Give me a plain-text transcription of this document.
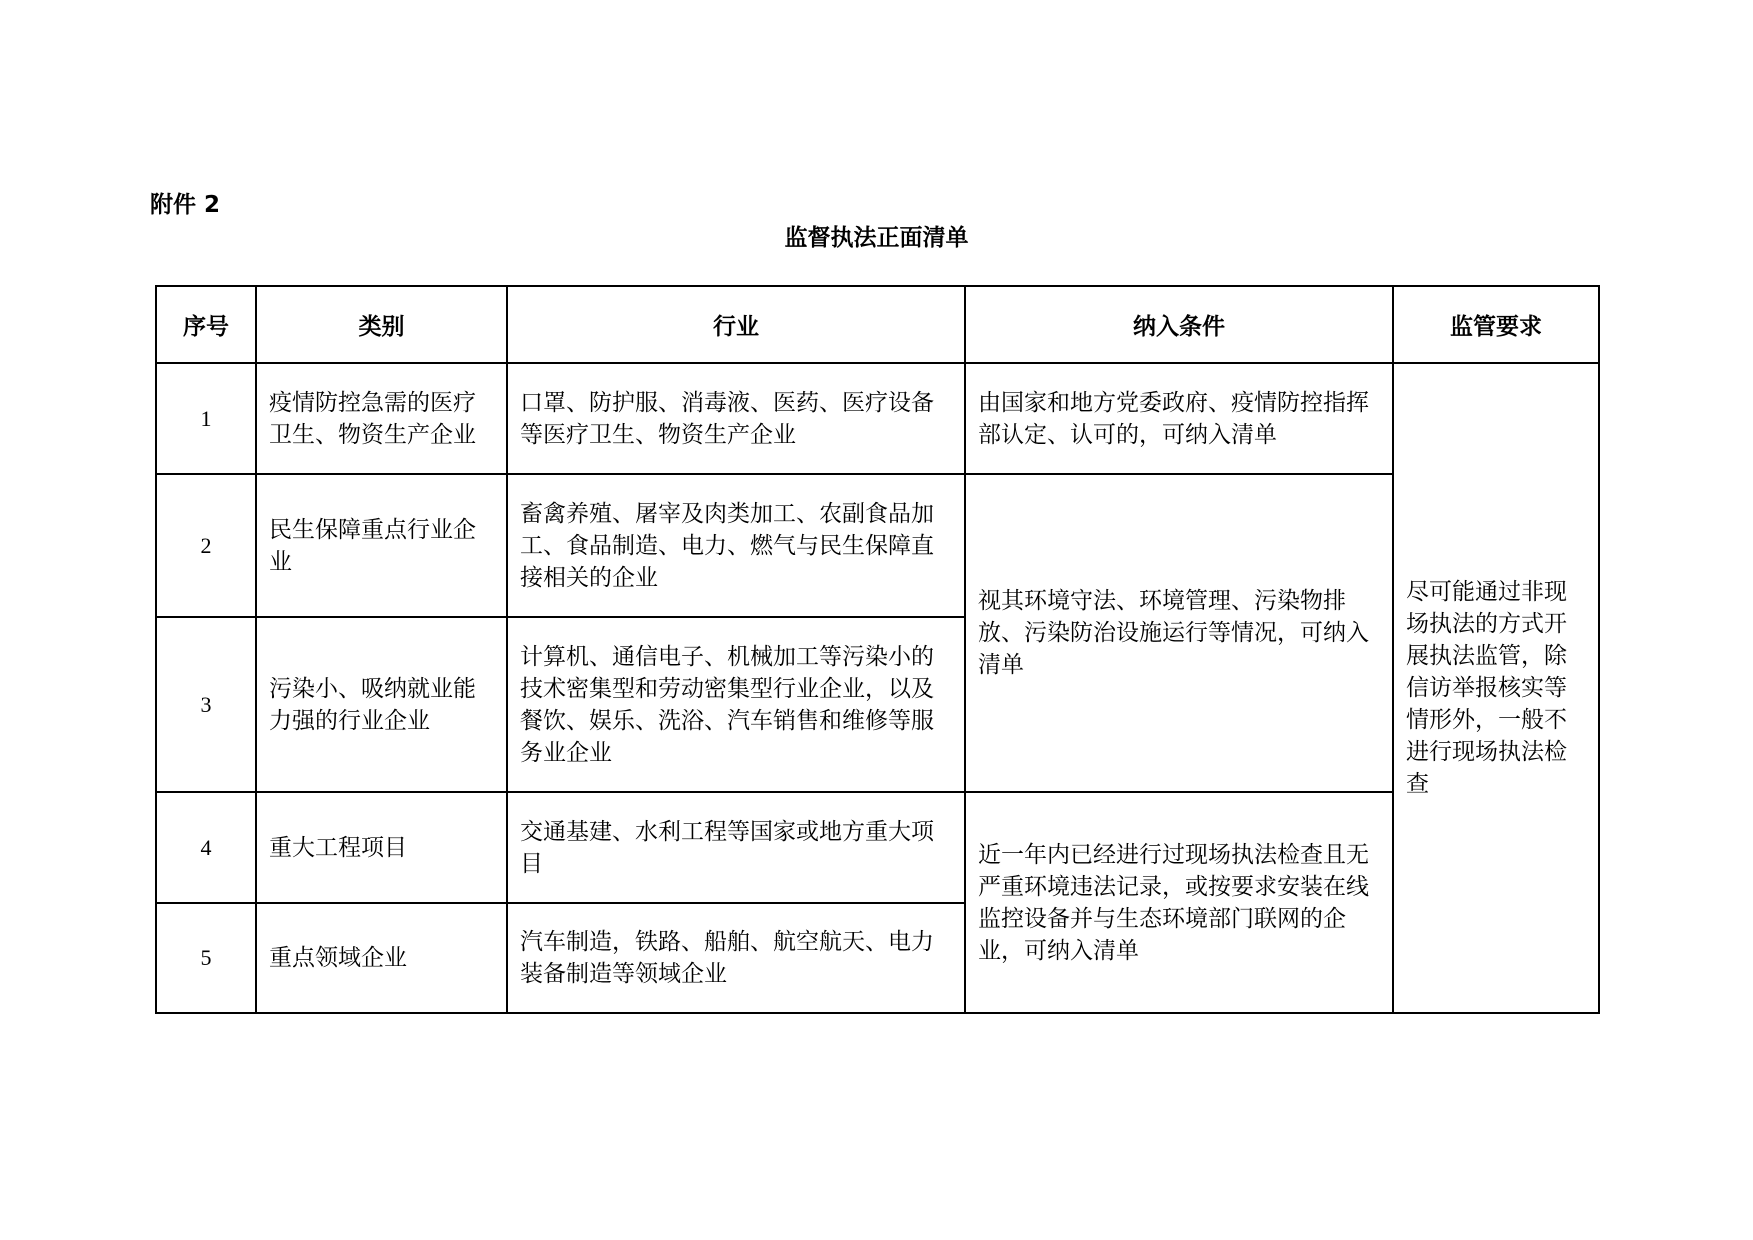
附件 2
监督执法正面清单
序号	类别	行业	纳入条件	监管要求
1	疫情防控急需的医疗卫生、物资生产企业	口罩、防护服、消毒液、医药、医疗设备等医疗卫生、物资生产企业	由国家和地方党委政府、疫情防控指挥部认定、认可的，可纳入清单	尽可能通过非现场执法的方式开展执法监管，除信访举报核实等情形外，一般不进行现场执法检查
2	民生保障重点行业企业	畜禽养殖、屠宰及肉类加工、农副食品加工、食品制造、电力、燃气与民生保障直接相关的企业	视其环境守法、环境管理、污染物排放、污染防治设施运行等情况，可纳入清单	
3	污染小、吸纳就业能力强的行业企业	计算机、通信电子、机械加工等污染小的技术密集型和劳动密集型行业企业，以及餐饮、娱乐、洗浴、汽车销售和维修等服务业企业		
4	重大工程项目	交通基建、水利工程等国家或地方重大项目	近一年内已经进行过现场执法检查且无严重环境违法记录，或按要求安装在线监控设备并与生态环境部门联网的企业，可纳入清单	
5	重点领域企业	汽车制造，铁路、船舶、航空航天、电力装备制造等领域企业		
